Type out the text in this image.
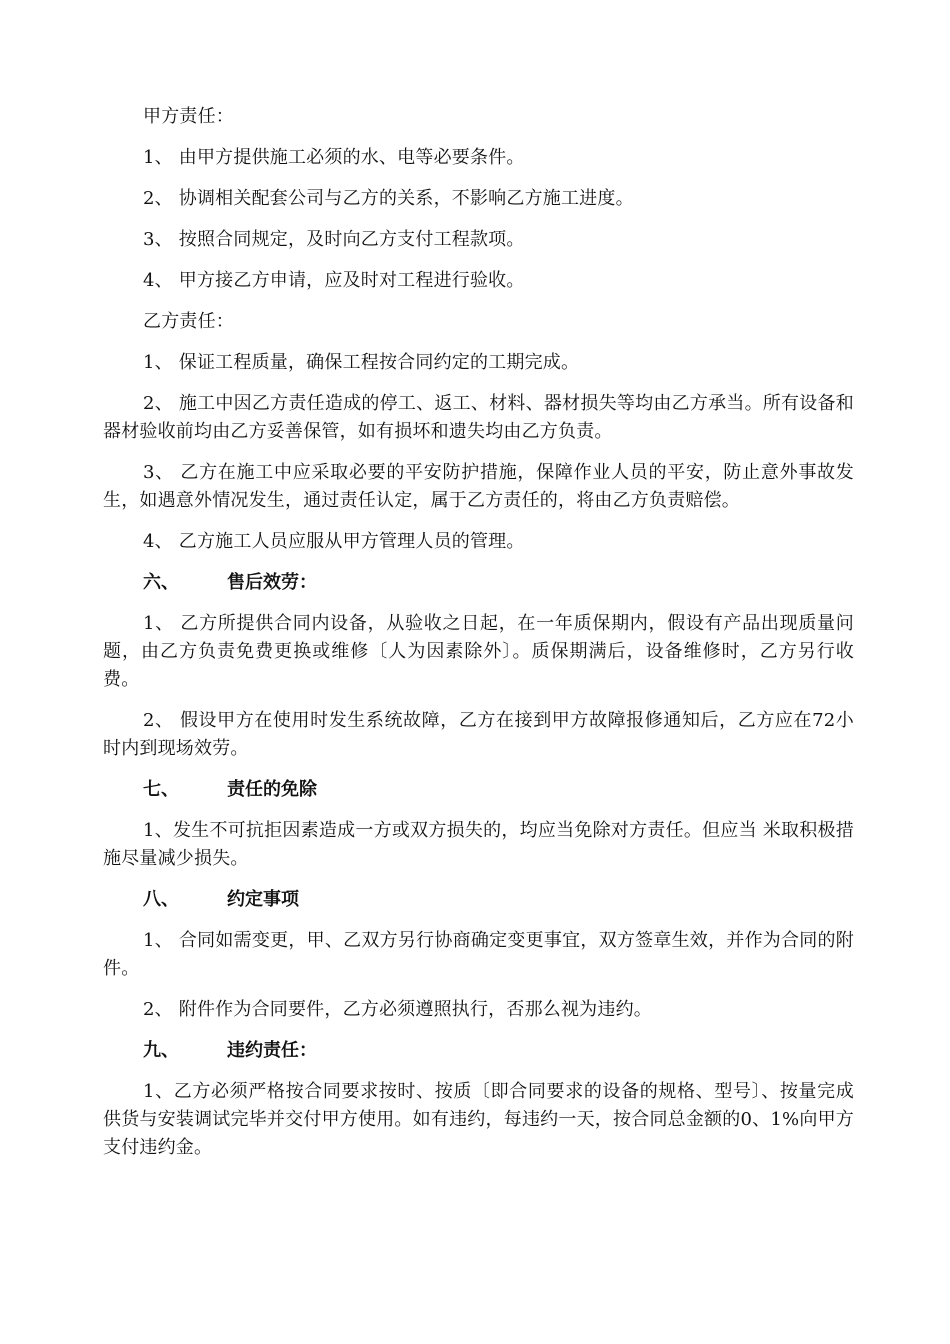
甲方责任：

1、 由甲方提供施工必须的水、电等必要条件。

2、 协调相关配套公司与乙方的关系，不影响乙方施工进度。

3、 按照合同规定，及时向乙方支付工程款项。

4、 甲方接乙方申请，应及时对工程进行验收。

乙方责任：

1、 保证工程质量，确保工程按合同约定的工期完成。

2、 施工中因乙方责任造成的停工、返工、材料、器材损失等均由乙方承当。所有设备和器材验收前均由乙方妥善保管，如有损坏和遗失均由乙方负责。

3、 乙方在施工中应采取必要的平安防护措施，保障作业人员的平安，防止意外事故发生，如遇意外情况发生，通过责任认定，属于乙方责任的，将由乙方负责赔偿。

4、 乙方施工人员应服从甲方管理人员的管理。

六、	售后效劳：

1、 乙方所提供合同内设备，从验收之日起，在一年质保期内，假设有产品出现质量问题，由乙方负责免费更换或维修〔人为因素除外〕。质保期满后，设备维修时，乙方另行收费。

2、 假设甲方在使用时发生系统故障，乙方在接到甲方故障报修通知后，乙方应在72小时内到现场效劳。

七、	责任的免除

1、发生不可抗拒因素造成一方或双方损失的，均应当免除对方责任。但应当 米取积极措施尽量减少损失。

八、	约定事项

1、 合同如需变更，甲、乙双方另行协商确定变更事宜，双方签章生效，并作为合同的附件。

2、 附件作为合同要件，乙方必须遵照执行，否那么视为违约。

九、	违约责任：

1、乙方必须严格按合同要求按时、按质〔即合同要求的设备的规格、型号〕、按量完成供货与安装调试完毕并交付甲方使用。如有违约，每违约一天，按合同总金额的0、1%向甲方支付违约金。
